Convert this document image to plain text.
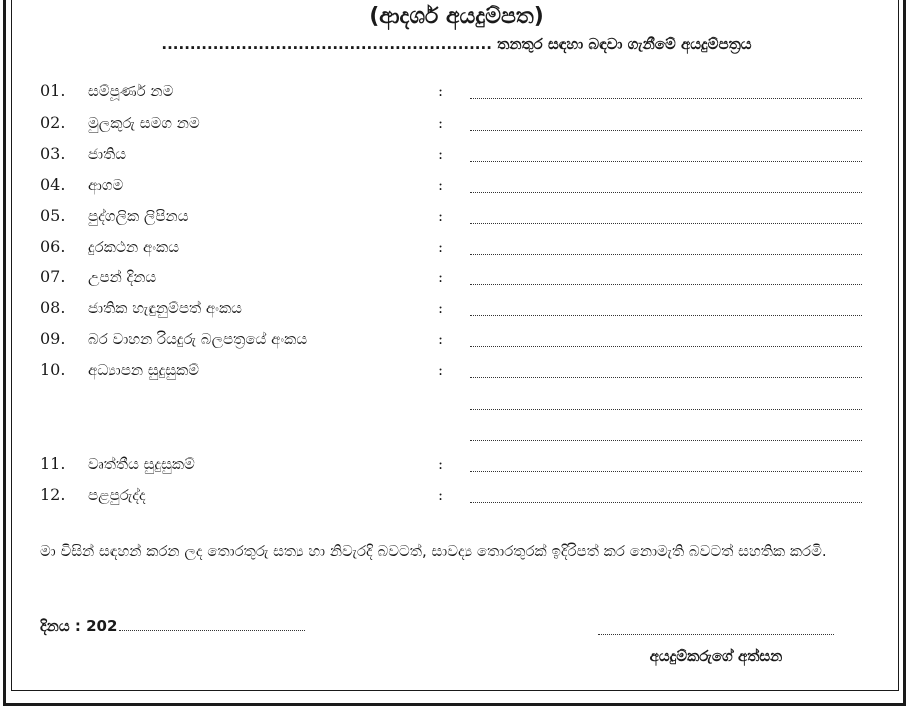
(ආදර්ශ අයදුම්පත)
.......................................................... තනතුර සඳහා බඳවා ගැනීමේ අයදුම්පත්‍රය
01. සම්පූර්ණ නම	:
02. මුලකුරු සමග නම	:
03. ජාතිය	:
04. ආගම	:
05. පුද්ගලික ලිපිනය	:
06. දුරකථන අංකය	:
07. උපන් දිනය	:
08. ජාතික හැඳුනුම්පත් අංකය	:
09. බර වාහන රියදුරු බලපත්‍රයේ අංකය	:
10. අධ්‍යාපන සුදුසුකම්	:
11. වෘත්තීය සුදුසුකම්	:
12. පළපුරුද්ද	:
මා විසින් සඳහන් කරන ලද තොරතුරු සත්‍ය හා නිවැරදි බවටත්, සාවද්‍ය තොරතුරක් ඉදිරිපත් කර නොමැති බවටත් සහතික කරමි.
දිනය : 202
අයදුම්කරුගේ අත්සන
